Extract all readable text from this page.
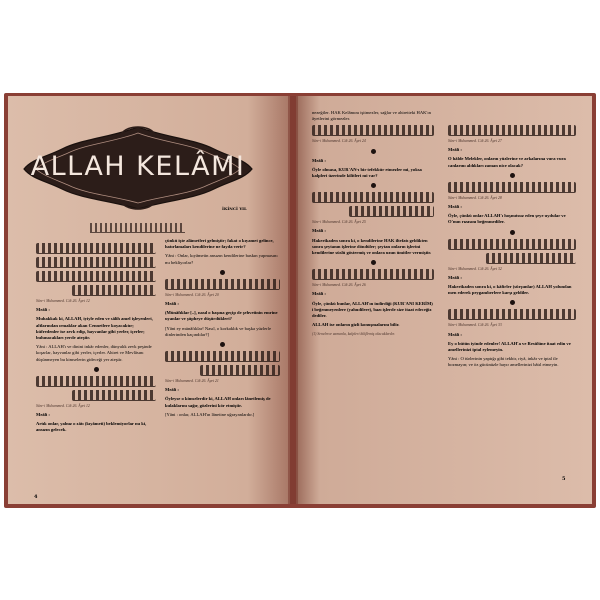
ALLAH KELÂMI
İKİNCİ YIL

Sûre-i Muhammed. Cilt 26. Âyet 12

Meâli :

Muhakkak ki, ALLAH, iyiyle eden ve sâlih amel işleyenleri, altlarından ırmaklar akan Cennetlere koyacaktır; küfredenler ise zevk edip, hayvanlar gibi yerler, içerler; bulunacakları yerde ateştir.

Yâni : ALLAH'ı ve dinini inkâr edenler, dünyalık zevk peşinde koşarlar, hayvanlar gibi yerler, içerler. Ahiret ve Mevlâsını düşünmeyen bu kimselerin gideceği yer ateştir.

Sûre-i Muhammed. Cilt 26. Âyet 12

Meâli :

Artık onlar, yalnız o zâtı (kıyâmeti) beklemiyorlar mı ki, ansızın gelecek.

çünkü işte alâmetleri gelmiştir; fakat o kıyamet gelince, hatırlamaları kendilerine ne fayda verir?

Yâni : Onlar, kıyâmetin ansızın kendilerine baskın yapmasını mı bekliyorlar?

Sûre-i Muhammed. Cilt 26. Âyet 20

Meâli :

(Münâfıklar [..], nasıl o başına geçip de şehvetinin emrine uyanlar ve şüpheye düşürdükleri?

[Yâni ey münâfıklar! Nasıl, o korkaklık ve başka yüzlerle dinlerinden kaçındılar?]

Sûre-i Muhammed. Cilt 26. Âyet 21

Meâli :

Öyleyse o kimselerdir ki, ALLAH onları lânetlemiş de kulaklarını sağır, gözlerini kör etmiştir.

[Yâni : onlar, ALLAH'ın lânetine uğrayanlardır.]

4

nezeğiler. HAK Kelâmını işitmezler, sağlar ve ahiretteki HAK'ın âyetlerini görmezler.

Sûre-i Muhammed. Cilt 26. Âyet 24

Meâli :

Öyle olmasa, KUR'AN-ı bir tefekkür etmezler mi, yoksa kalpleri üzerinde kilitleri mi var?

Sûre-i Muhammed. Cilt 26. Âyet 25

Meâli :

Hakerikaden sonra ki, o kendilerine HAK iltefatı geldikten sonra şeytanın işlerine döndüler; şeytan onların işlerini kendilerine süslü göstermiş ve onlara uzun ümitler vermiştir.

Sûre-i Muhammed. Cilt 26. Âyet 26

Meâli :

Öyle, çünkü bunlar, ALLAH'ın indirdiği (KUR'ANI KERİM) i beğenmeyenlere (yahudilere), bazı işlerde size itaat edeceğiz dediler.

ALLAH ise onların gizli konuşmalarını bilir.

(1) Senelerce zamanla, kalpleri kiliflemiş olacaklardır.

Sûre-i Muhammed. Cilt 26. Âyet 27

Meâli :

O hâlde Melekler, onların yüzlerine ve arkalarına vura vura canlarını aldıkları zaman nice olacak?

Sûre-i Muhammed. Cilt 26. Âyet 28

Meâli :

Öyle, çünkü onlar ALLAH'ı hoşnutsuz eden şeye uydular ve O'nun rızasını beğenmediler.

Sûre-i Muhammed. Cilt 26. Âyet 32

Meâli :

Hakerikaden sonra ki, o kâfirler (sûrşunlar) ALLAH yolundan men ederek peygamberlere karşı geldiler.

Sûre-i Muhammed. Cilt 26. Âyet 33

Meâli :

Ey o bütün iyinde edenler! ALLAH'a ve Resûlüne itaat edin ve amellerinizi iptal eylemeyin.

Yâni : O türlerinin yaptığı gibi tekbir, riyâ, inkâr ve iptal ile bozmayın; ve öz gücünüzle hayır amellerinizi bâtıl etmeyin.

5
